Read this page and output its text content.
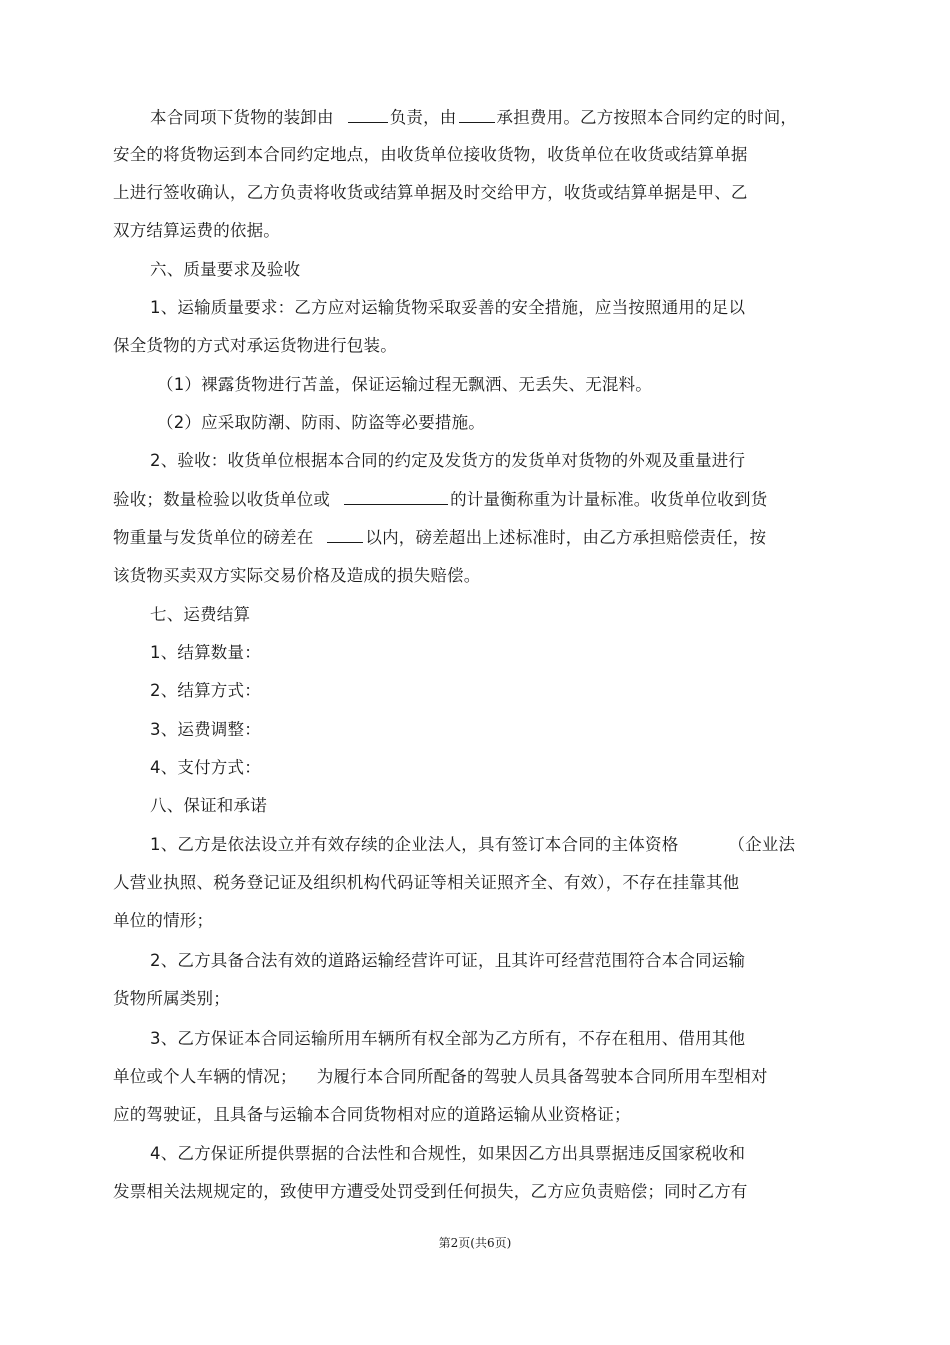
本合同项下货物的装卸由	负责，由 承担费用。乙方按照本合同约定的时间，
安全的将货物运到本合同约定地点，由收货单位接收货物，收货单位在收货或结算单据
上进行签收确认，乙方负责将收货或结算单据及时交给甲方，收货或结算单据是甲、乙
双方结算运费的依据。
六、质量要求及验收
1、运输质量要求：乙方应对运输货物采取妥善的安全措施，应当按照通用的足以
保全货物的方式对承运货物进行包装。
（1）裸露货物进行苫盖，保证运输过程无飘洒、无丢失、无混料。
（2）应采取防潮、防雨、防盗等必要措施。
2、验收：收货单位根据本合同的约定及发货方的发货单对货物的外观及重量进行
验收；数量检验以收货单位或	的计量衡称重为计量标准。收货单位收到货
物重量与发货单位的磅差在	以内，磅差超出上述标准时，由乙方承担赔偿责任，按
该货物买卖双方实际交易价格及造成的损失赔偿。
七、运费结算
1、结算数量：
2、结算方式：
3、运费调整：
4、支付方式：
八、保证和承诺
1、乙方是依法设立并有效存续的企业法人，具有签订本合同的主体资格	（企业法
人营业执照、税务登记证及组织机构代码证等相关证照齐全、有效），不存在挂靠其他
单位的情形；
2、乙方具备合法有效的道路运输经营许可证，且其许可经营范围符合本合同运输
货物所属类别；
3、乙方保证本合同运输所用车辆所有权全部为乙方所有，不存在租用、借用其他
单位或个人车辆的情况； 为履行本合同所配备的驾驶人员具备驾驶本合同所用车型相对
应的驾驶证，且具备与运输本合同货物相对应的道路运输从业资格证；
4、乙方保证所提供票据的合法性和合规性，如果因乙方出具票据违反国家税收和
发票相关法规规定的，致使甲方遭受处罚受到任何损失，乙方应负责赔偿；同时乙方有
第2页(共6页)
